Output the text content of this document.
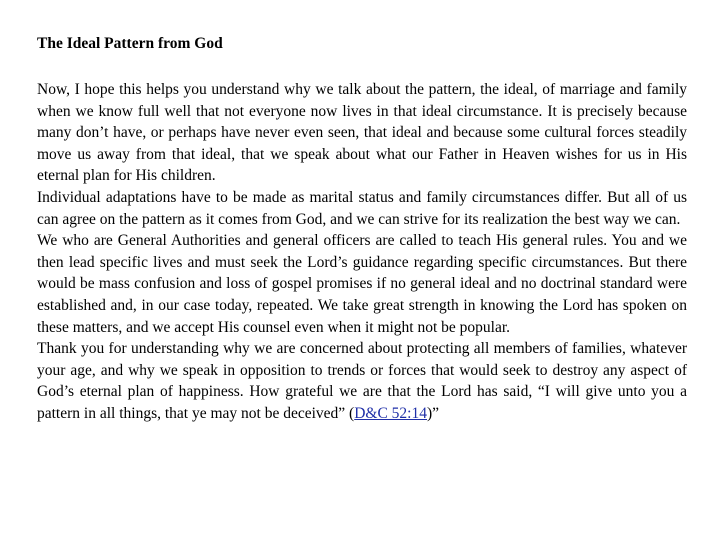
The Ideal Pattern from God

Now, I hope this helps you understand why we talk about the pattern, the ideal, of marriage and family when we know full well that not everyone now lives in that ideal circumstance. It is precisely because many don’t have, or perhaps have never even seen, that ideal and because some cultural forces steadily move us away from that ideal, that we speak about what our Father in Heaven wishes for us in His eternal plan for His children.

Individual adaptations have to be made as marital status and family circumstances differ. But all of us can agree on the pattern as it comes from God, and we can strive for its realization the best way we can.

We who are General Authorities and general officers are called to teach His general rules. You and we then lead specific lives and must seek the Lord’s guidance regarding specific circumstances. But there would be mass confusion and loss of gospel promises if no general ideal and no doctrinal standard were established and, in our case today, repeated. We take great strength in knowing the Lord has spoken on these matters, and we accept His counsel even when it might not be popular.

Thank you for understanding why we are concerned about protecting all members of families, whatever your age, and why we speak in opposition to trends or forces that would seek to destroy any aspect of God’s eternal plan of happiness. How grateful we are that the Lord has said, “I will give unto you a pattern in all things, that ye may not be deceived” (D&C 52:14)”
